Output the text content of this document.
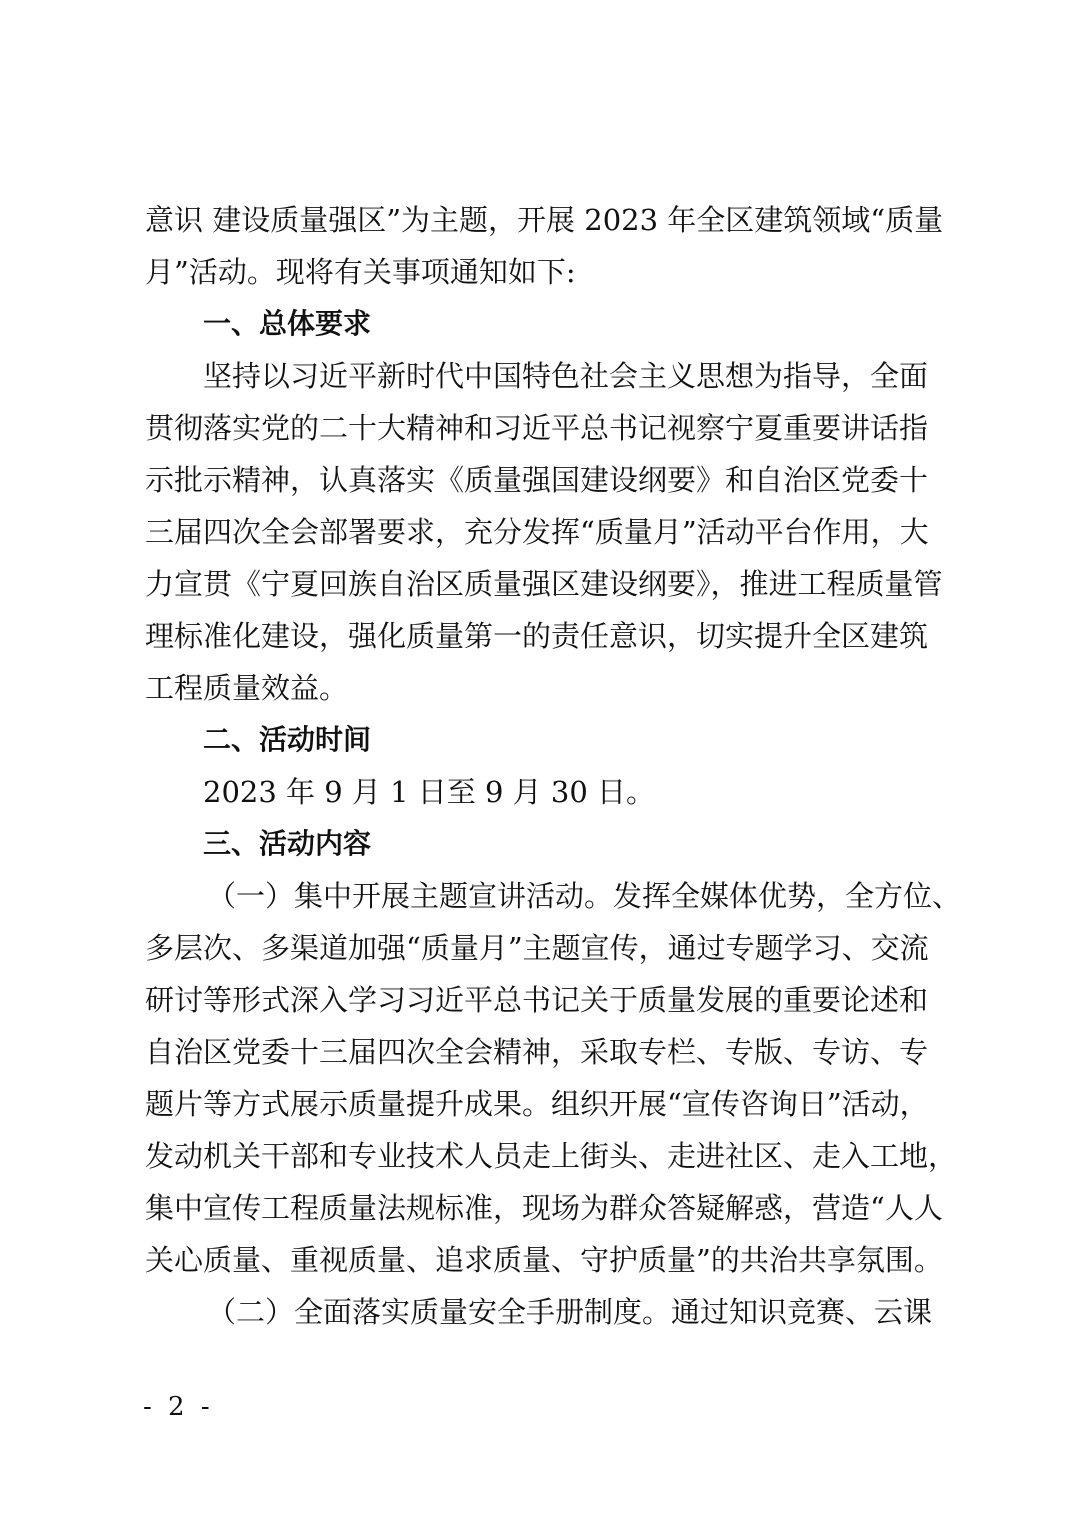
意识 建设质量强区”为主题，开展 2023 年全区建筑领域“质量
月”活动。现将有关事项通知如下:
一、总体要求
坚持以习近平新时代中国特色社会主义思想为指导，全面
贯彻落实党的二十大精神和习近平总书记视察宁夏重要讲话指
示批示精神，认真落实《质量强国建设纲要》和自治区党委十
三届四次全会部署要求，充分发挥“质量月”活动平台作用，大
力宣贯《宁夏回族自治区质量强区建设纲要》，推进工程质量管
理标准化建设，强化质量第一的责任意识，切实提升全区建筑
工程质量效益。
二、活动时间
2023 年 9 月 1 日至 9 月 30 日。
三、活动内容
（一）集中开展主题宣讲活动。发挥全媒体优势，全方位、
多层次、多渠道加强“质量月”主题宣传，通过专题学习、交流
研讨等形式深入学习习近平总书记关于质量发展的重要论述和
自治区党委十三届四次全会精神，采取专栏、专版、专访、专
题片等方式展示质量提升成果。组织开展“宣传咨询日”活动，
发动机关干部和专业技术人员走上街头、走进社区、走入工地，
集中宣传工程质量法规标准，现场为群众答疑解惑，营造“人人
关心质量、重视质量、追求质量、守护质量”的共治共享氛围。
（二）全面落实质量安全手册制度。通过知识竞赛、云课
- 2 -
